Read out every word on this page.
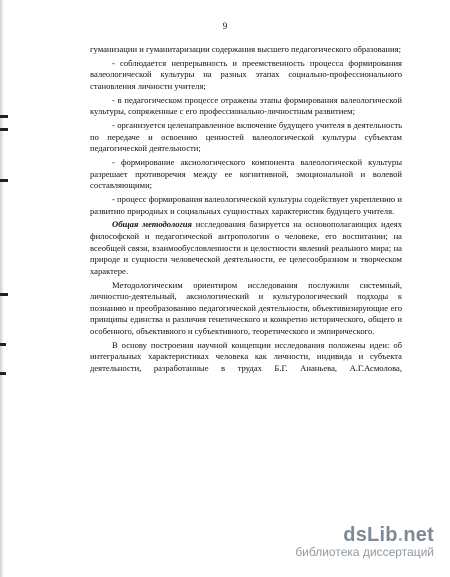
9

гуманизации и гуманитаризации содержания высшего педагогического образования;

- соблюдается непрерывность и преемственность процесса формирования валеологической культуры на разных этапах социально-профессионального становления личности учителя;

- в педагогическом процессе отражены этапы формирования валеологической культуры, сопряженные с его профессионально-личностным развитием;

- организуется целенаправленное включение будущего учителя в деятельность по передаче и освоению ценностей валеологической культуры субъектам педагогической деятельности;

- формирование аксиологического компонента валеологической культуры разрешает противоречия между ее когнитивной, эмоциональной и волевой составляющими;

- процесс формирования валеологической культуры содействует укреплению и развитию природных и социальных сущностных характеристик будущего учителя.

Общая методология исследования базируется на основополагающих идеях философской и педагогической антропологии о человеке, его воспитании; на всеобщей связи, взаимообусловленности и целостности явлений реального мира; на природе и сущности человеческой деятельности, ее целесообразном и творческом характере.

Методологическим ориентиром исследования послужили системный, личностно-деятельный, аксиологический и культурологический подходы к познанию и преобразованию педагогической деятельности, объективизирующие его принципы единства и различия генетического и конкретно исторического, общего и особенного, объективного и субъективного, теоретического и эмпирического.

В основу построения научной концепции исследования положены идеи: об интегральных характеристиках человека как личности, индивида и субъекта деятельности, разработанные в трудах Б.Г. Ананьева, А.Г.Асмолова,

dsLib.net
библиотека диссертаций
